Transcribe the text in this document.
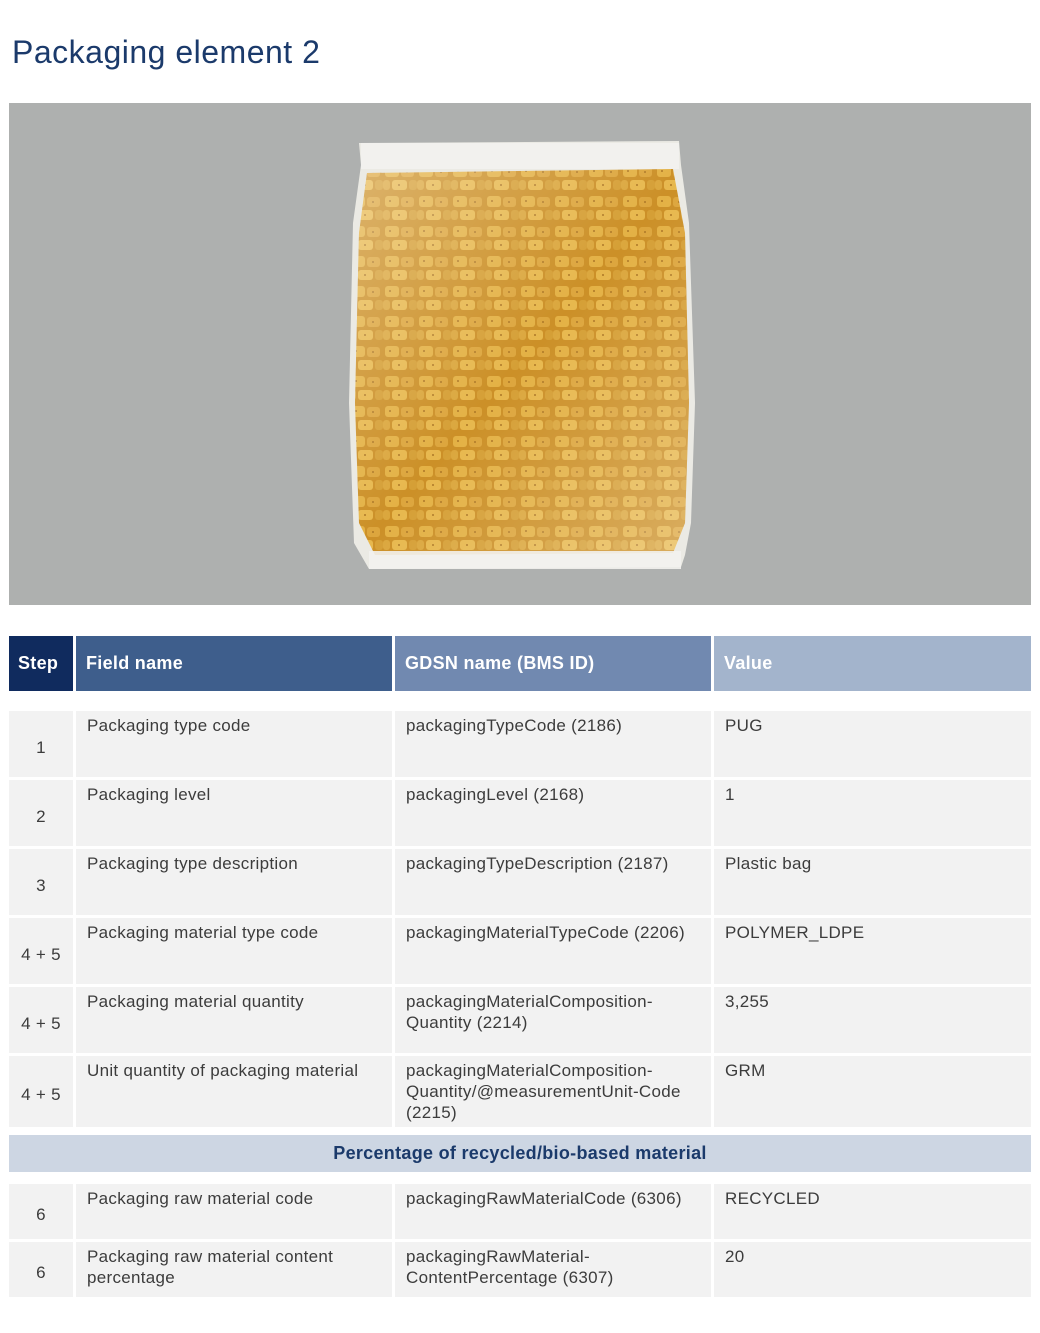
Packaging element 2
Step	Field name	GDSN name (BMS ID)	Value
1	Packaging type code	packagingTypeCode (2186)	PUG
2	Packaging level	packagingLevel (2168)	1
3	Packaging type description	packagingTypeDescription (2187)	Plastic bag
4 + 5	Packaging material type code	packagingMaterialTypeCode (2206)	POLYMER_LDPE
4 + 5	Packaging material quantity	packagingMaterialComposition-Quantity (2214)	3,255
4 + 5	Unit quantity of packaging material	packagingMaterialComposition-Quantity/@measurementUnit-Code (2215)	GRM
Percentage of recycled/bio-based material
6	Packaging raw material code	packagingRawMaterialCode (6306)	RECYCLED
6	Packaging raw material content percentage	packagingRawMaterial-ContentPercentage (6307)	20
